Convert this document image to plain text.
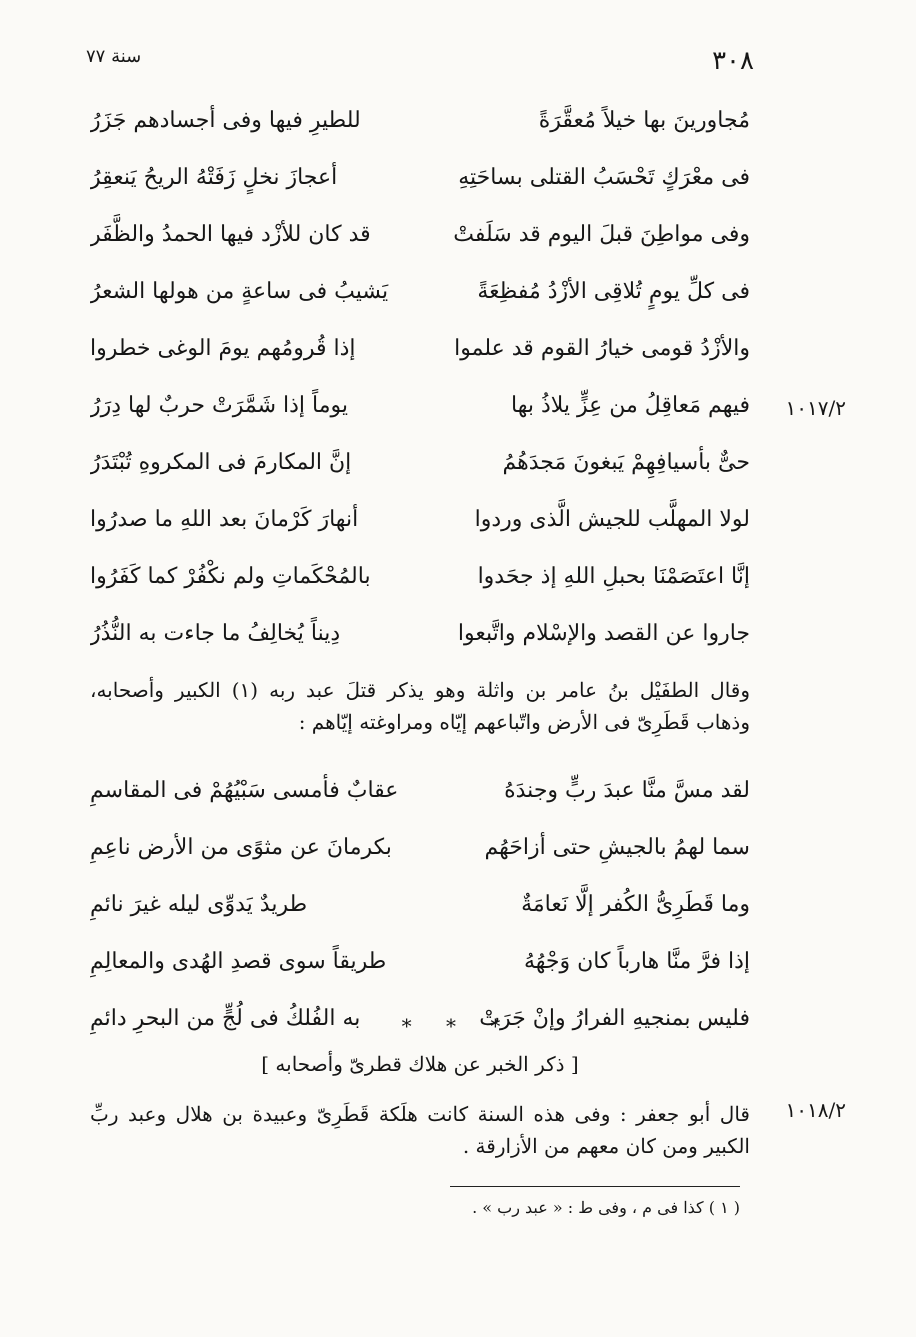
٣٠٨
سنة ٧٧
١٠١٧/٢
١٠١٨/٢
مُجاورينَ بها خيلاً مُعقَّرَةً
للطيرِ فيها وفى أجسادهم جَزَرُ
فى معْرَكٍ تَحْسَبُ القتلى بساحَتِهِ
أعجازَ نخلٍ زَفَتْهُ الريحُ يَنعقِرُ
وفى مواطِنَ قبلَ اليوم قد سَلَفتْ
قد كان للأزْد فيها الحمدُ والظَّفَر
فى كلِّ يومٍ تُلاقِى الأزْدُ مُفظِعَةً
يَشيبُ فى ساعةٍ من هولها الشعرُ
والأزْدُ قومى خيارُ القوم قد علموا
إذا قُرومُهم يومَ الوغى خطروا
فيهم مَعاقِلُ من عِزٍّ يلاذُ بها
يوماً إذا شَمَّرَتْ حربٌ لها دِرَرُ
حىٌّ بأسيافِهِمْ يَبغونَ مَجدَهُمُ
إنَّ المكارمَ فى المكروهِ تُبْتَدَرُ
لولا المهلَّب للجيش الَّذى وردوا
أنهارَ كَرْمانَ بعد اللهِ ما صدرُوا
إنَّا اعتَصَمْنَا بحبلِ اللهِ إذ جحَدوا
بالمُحْكَماتِ ولم نكْفُرْ كما كَفَرُوا
جاروا عن القصد والإسْلام واتَّبعوا
دِيناً يُخالِفُ ما جاءت به النُّذُرُ

وقال الطفَيْل بنُ عامر بن واثلة وهو يذكر قتلَ عبد ربه (١) الكبير وأصحابه، وذهاب قَطَرِىّ فى الأرض واتّباعهم إيّاه ومراوغته إيّاهم :

لقد مسَّ منَّا عبدَ ربٍّ وجندَهُ
عقابٌ فأمسى سَبْيُهُمْ فى المقاسمِ
سما لهمُ بالجيشِ حتى أزاحَهُم
بكرمانَ عن مثوًى من الأرض ناعِمِ
وما قَطَرِىُّ الكُفر إلَّا نَعامَةٌ
طريدٌ يَدوِّى ليله غيرَ نائمِ
إذا فرَّ منَّا هارباً كان وَجْهُهُ
طريقاً سوى قصدِ الهُدى والمعالِمِ
فليس بمنجيهِ الفرارُ وإنْ جَرَتْ
به الفُلكُ فى لُجٍّ من البحرِ دائمِ	* * *
[ ذكر الخبر عن هلاك قطرىّ وأصحابه ]

قال أبو جعفر : وفى هذه السنة كانت هلَكة قَطَرِىّ وعبيدة بن هلال وعبد ربِّ الكبير ومن كان معهم من الأزارقة .

( ١ ) كذا فى م ، وفى ط : « عبد رب » .
